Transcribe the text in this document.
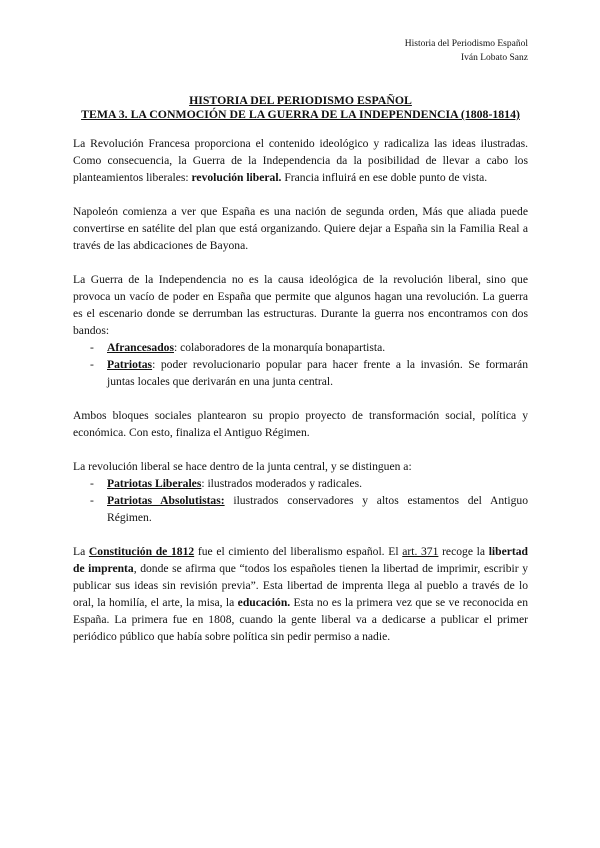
Historia del Periodismo Español
Iván Lobato Sanz
HISTORIA DEL PERIODISMO ESPAÑOL
TEMA 3. LA CONMOCIÓN DE LA GUERRA DE LA INDEPENDENCIA (1808-1814)

La Revolución Francesa proporciona el contenido ideológico y radicaliza las ideas ilustradas. Como consecuencia, la Guerra de la Independencia da la posibilidad de llevar a cabo los planteamientos liberales: revolución liberal. Francia influirá en ese doble punto de vista.

Napoleón comienza a ver que España es una nación de segunda orden, Más que aliada puede convertirse en satélite del plan que está organizando. Quiere dejar a España sin la Familia Real a través de las abdicaciones de Bayona.

La Guerra de la Independencia no es la causa ideológica de la revolución liberal, sino que provoca un vacío de poder en España que permite que algunos hagan una revolución. La guerra es el escenario donde se derrumban las estructuras. Durante la guerra nos encontramos con dos bandos:

- Afrancesados: colaboradores de la monarquía bonapartista.
- Patriotas: poder revolucionario popular para hacer frente a la invasión. Se formarán juntas locales que derivarán en una junta central.

Ambos bloques sociales plantearon su propio proyecto de transformación social, política y económica. Con esto, finaliza el Antiguo Régimen.

La revolución liberal se hace dentro de la junta central, y se distinguen a:

- Patriotas Liberales: ilustrados moderados y radicales.
- Patriotas Absolutistas: ilustrados conservadores y altos estamentos del Antiguo Régimen.

La Constitución de 1812 fue el cimiento del liberalismo español. El art. 371 recoge la libertad de imprenta, donde se afirma que “todos los españoles tienen la libertad de imprimir, escribir y publicar sus ideas sin revisión previa”. Esta libertad de imprenta llega al pueblo a través de lo oral, la homilía, el arte, la misa, la educación. Esta no es la primera vez que se ve reconocida en España. La primera fue en 1808, cuando la gente liberal va a dedicarse a publicar el primer periódico público que había sobre política sin pedir permiso a nadie.
